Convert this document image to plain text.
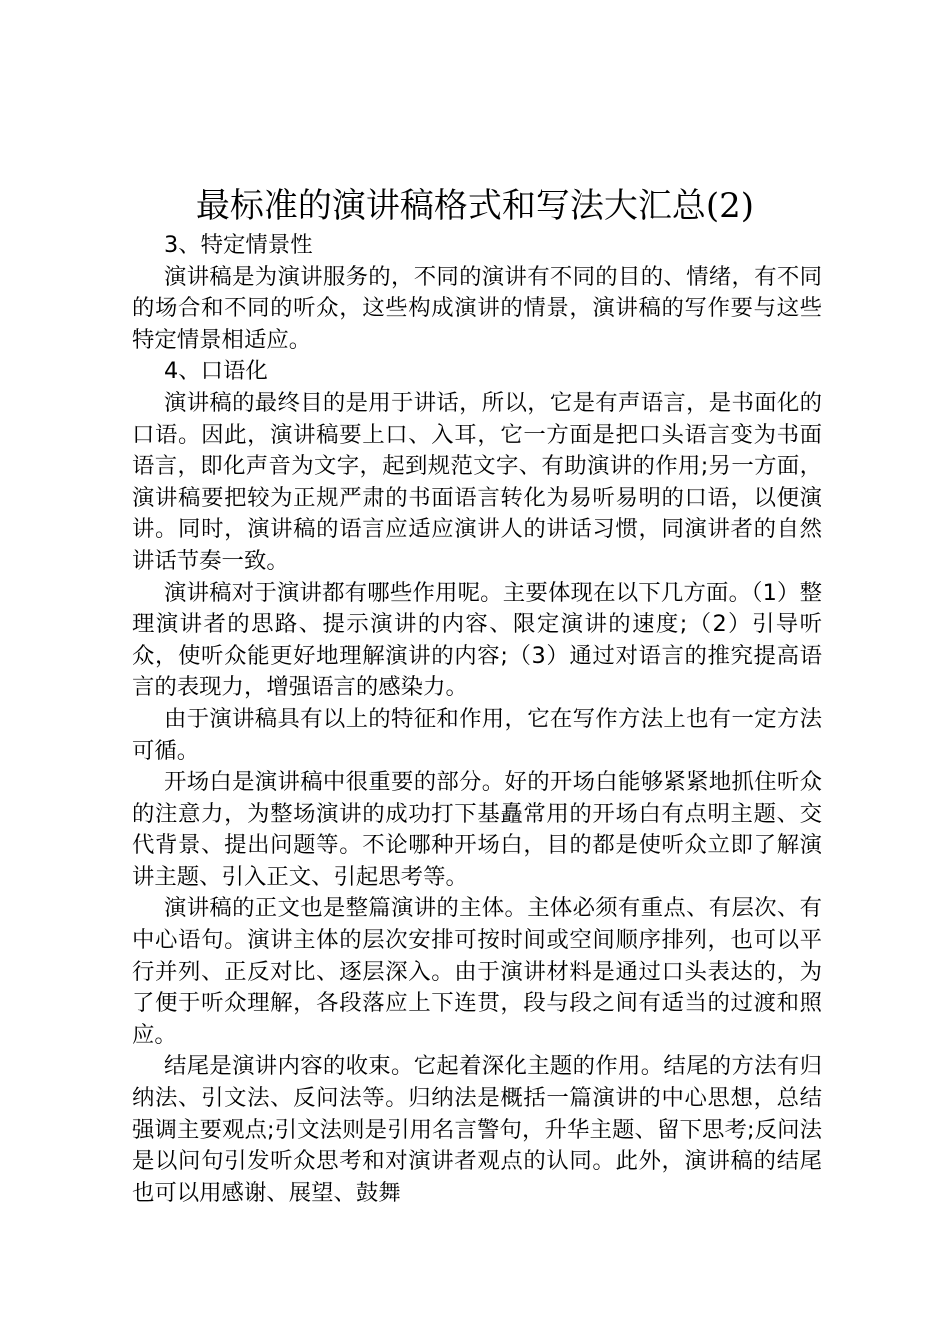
最标准的演讲稿格式和写法大汇总(2)

3、特定情景性

演讲稿是为演讲服务的，不同的演讲有不同的目的、情绪，有不同的场合和不同的听众，这些构成演讲的情景，演讲稿的写作要与这些特定情景相适应。

4、口语化

演讲稿的最终目的是用于讲话，所以，它是有声语言，是书面化的口语。因此，演讲稿要上口、入耳，它一方面是把口头语言变为书面语言，即化声音为文字，起到规范文字、有助演讲的作用;另一方面，演讲稿要把较为正规严肃的书面语言转化为易听易明的口语，以便演讲。同时，演讲稿的语言应适应演讲人的讲话习惯，同演讲者的自然讲话节奏一致。

演讲稿对于演讲都有哪些作用呢。主要体现在以下几方面。（1）整理演讲者的思路、提示演讲的内容、限定演讲的速度;（2）引导听众，使听众能更好地理解演讲的内容;（3）通过对语言的推究提高语言的表现力，增强语言的感染力。

由于演讲稿具有以上的特征和作用，它在写作方法上也有一定方法可循。

开场白是演讲稿中很重要的部分。好的开场白能够紧紧地抓住听众的注意力，为整场演讲的成功打下基矗常用的开场白有点明主题、交代背景、提出问题等。不论哪种开场白，目的都是使听众立即了解演讲主题、引入正文、引起思考等。

演讲稿的正文也是整篇演讲的主体。主体必须有重点、有层次、有中心语句。演讲主体的层次安排可按时间或空间顺序排列，也可以平行并列、正反对比、逐层深入。由于演讲材料是通过口头表达的，为了便于听众理解，各段落应上下连贯，段与段之间有适当的过渡和照应。

结尾是演讲内容的收束。它起着深化主题的作用。结尾的方法有归纳法、引文法、反问法等。归纳法是概括一篇演讲的中心思想，总结强调主要观点;引文法则是引用名言警句，升华主题、留下思考;反问法是以问句引发听众思考和对演讲者观点的认同。此外，演讲稿的结尾也可以用感谢、展望、鼓舞
